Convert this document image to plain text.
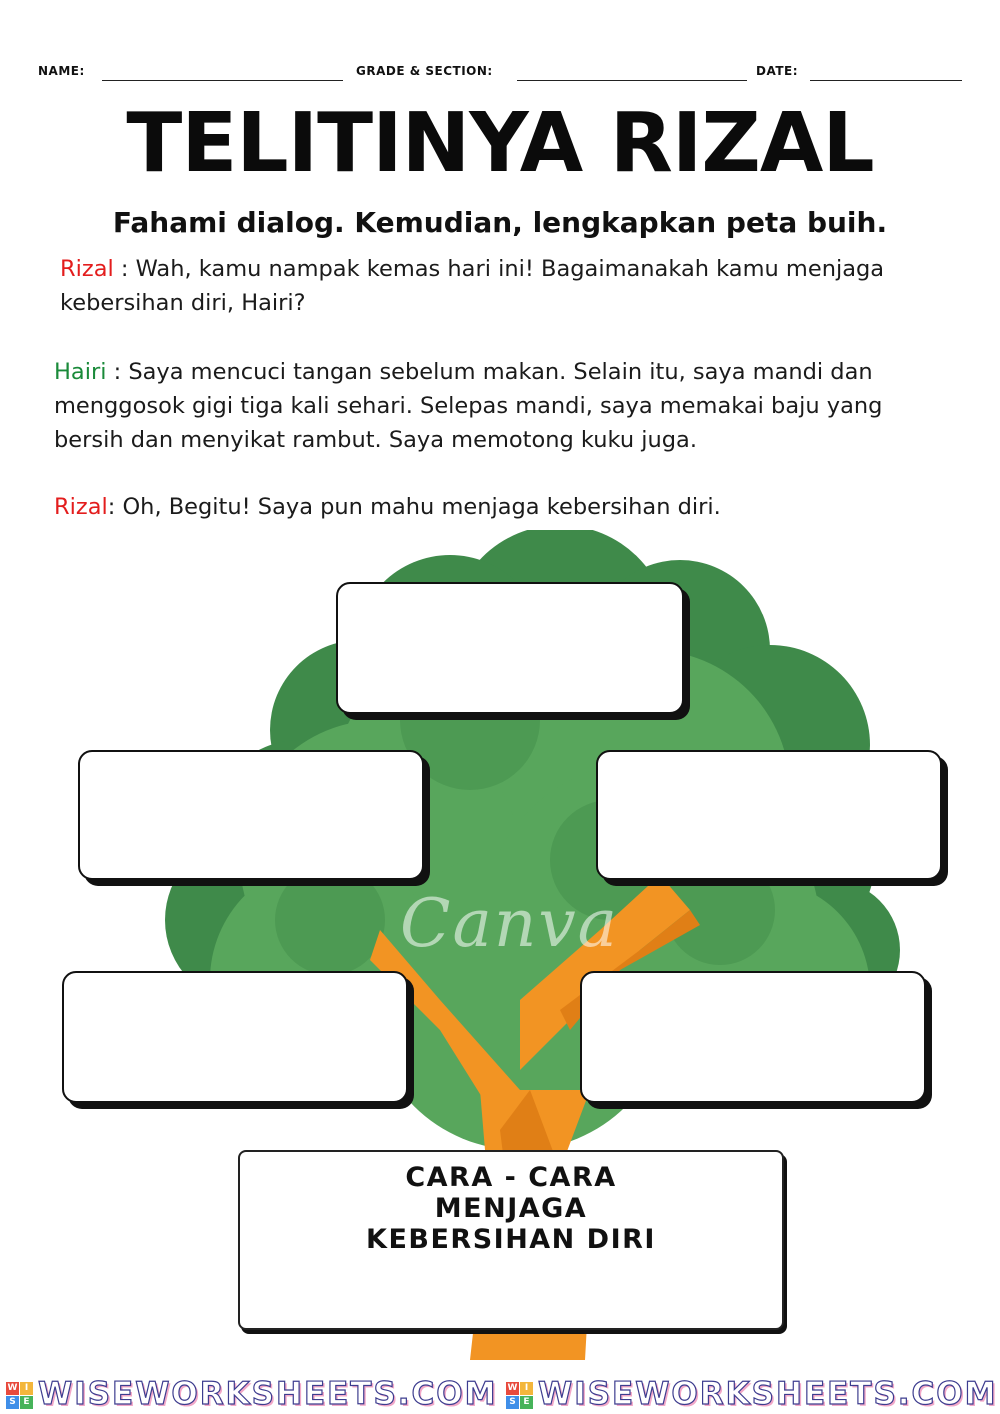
NAME:	GRADE & SECTION:	DATE:
TELITINYA RIZAL
Fahami dialog. Kemudian, lengkapkan peta buih.
Rizal : Wah, kamu nampak kemas hari ini! Bagaimanakah kamu menjaga kebersihan diri, Hairi?
Hairi : Saya mencuci tangan sebelum makan. Selain itu, saya mandi dan menggosok gigi tiga kali sehari. Selepas mandi, saya memakai baju yang bersih dan menyikat rambut. Saya memotong kuku juga.
Rizal: Oh, Begitu! Saya pun mahu menjaga kebersihan diri.
Canva
CARA - CARA
MENJAGA
KEBERSIHAN DIRI
W I
S E WISEWORKSHEETS.COM W I
S E WISEWORKSHEETS.COM
